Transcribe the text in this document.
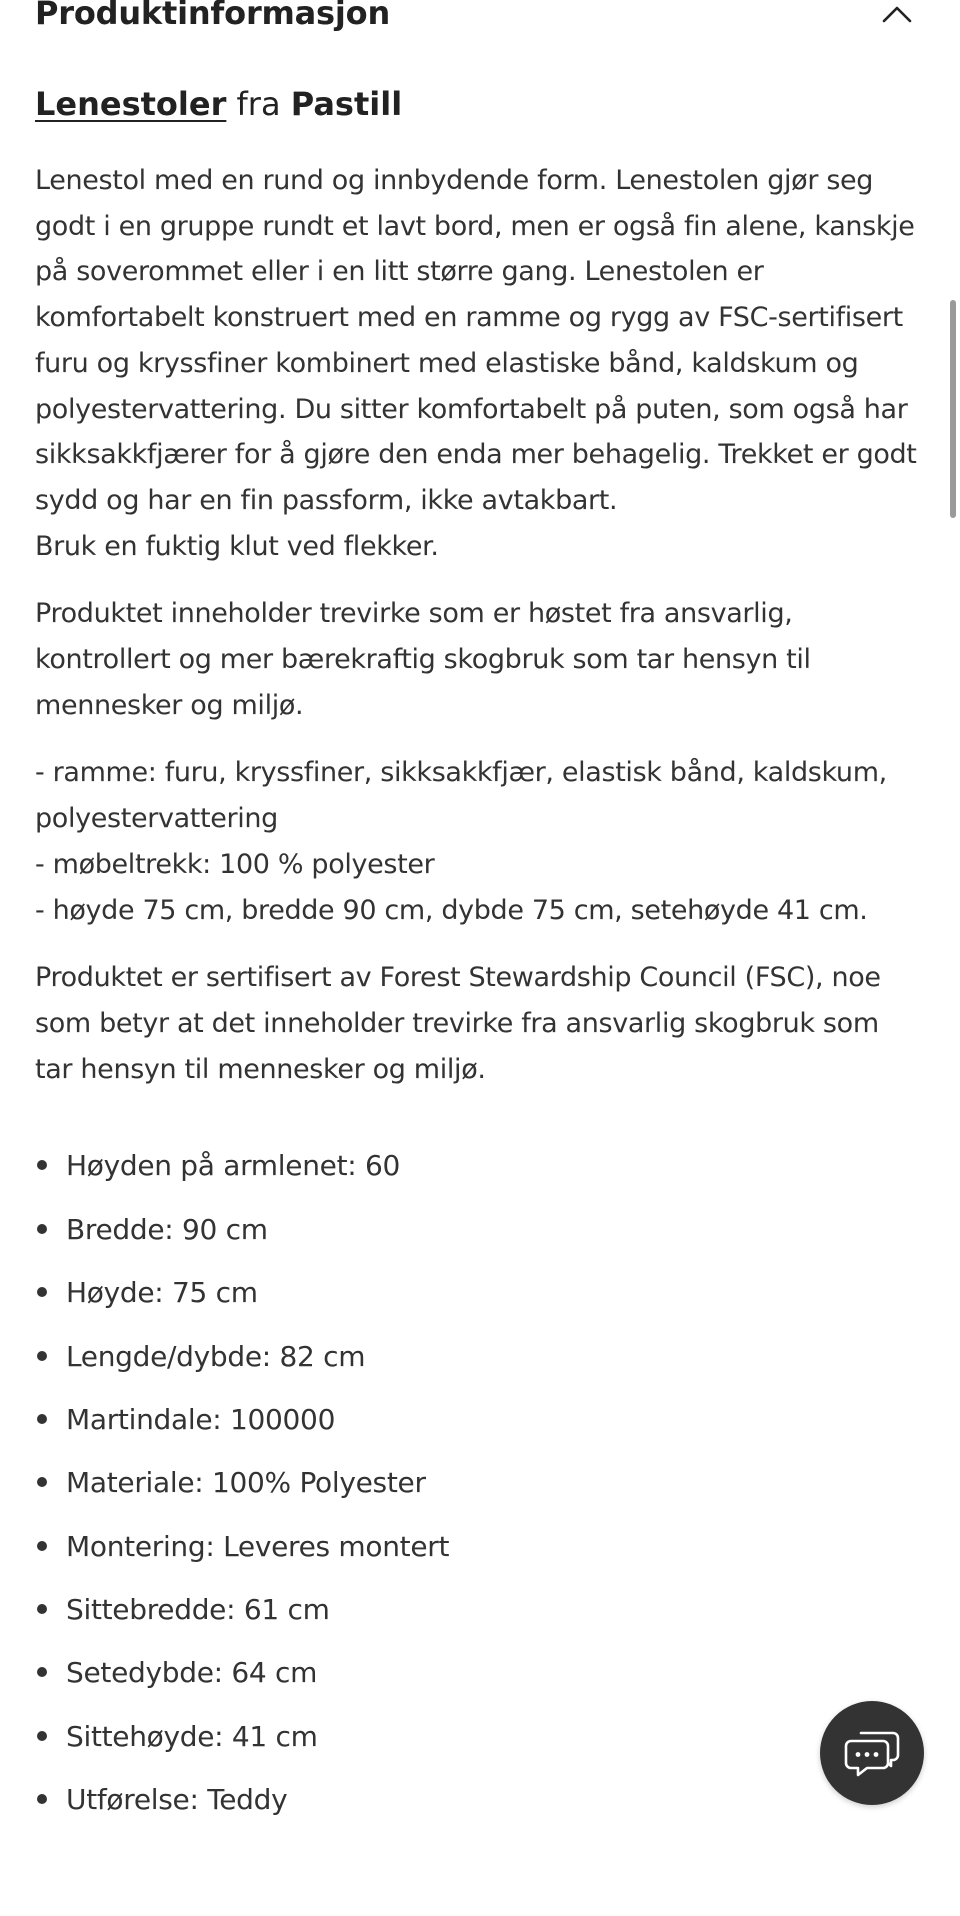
Produktinformasjon
Lenestoler fra Pastill

Lenestol med en rund og innbydende form. Lenestolen gjør seg godt i en gruppe rundt et lavt bord, men er også fin alene, kanskje på soverommet eller i en litt større gang. Lenestolen er komfortabelt konstruert med en ramme og rygg av FSC-sertifisert furu og kryssfiner kombinert med elastiske bånd, kaldskum og polyestervattering. Du sitter komfortabelt på puten, som også har sikksakkfjærer for å gjøre den enda mer behagelig. Trekket er godt sydd og har en fin passform, ikke avtakbart.
Bruk en fuktig klut ved flekker.

Produktet inneholder trevirke som er høstet fra ansvarlig, kontrollert og mer bærekraftig skogbruk som tar hensyn til mennesker og miljø.

- ramme: furu, kryssfiner, sikksakkfjær, elastisk bånd, kaldskum, polyestervattering
- møbeltrekk: 100 % polyester
- høyde 75 cm, bredde 90 cm, dybde 75 cm, setehøyde 41 cm.

Produktet er sertifisert av Forest Stewardship Council (FSC), noe som betyr at det inneholder trevirke fra ansvarlig skogbruk som tar hensyn til mennesker og miljø.

Høyden på armlenet: 60
Bredde: 90 cm
Høyde: 75 cm
Lengde/dybde: 82 cm
Martindale: 100000
Materiale: 100% Polyester
Montering: Leveres montert
Sittebredde: 61 cm
Setedybde: 64 cm
Sittehøyde: 41 cm
Utførelse: Teddy
